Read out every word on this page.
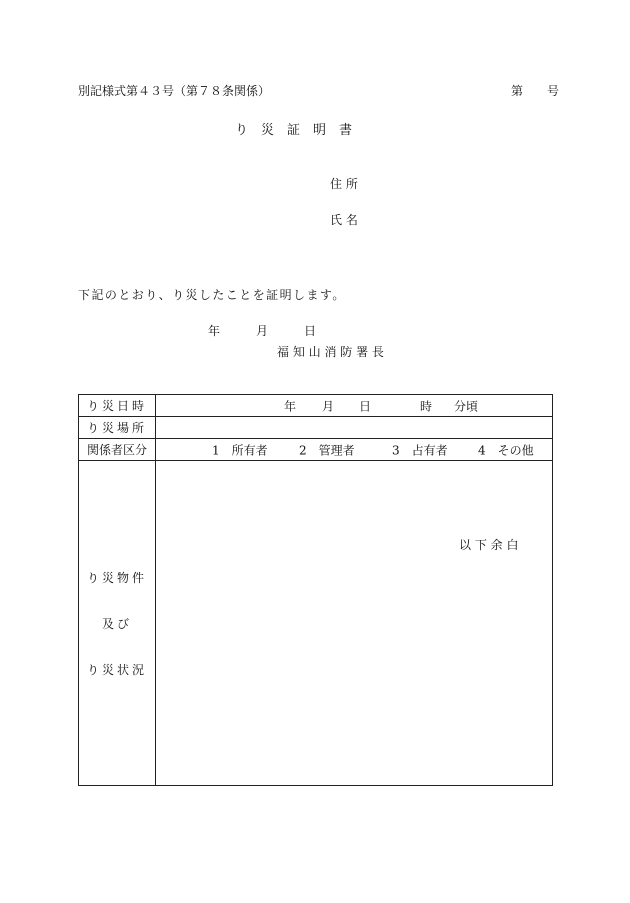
別記様式第４３号（第７８条関係）	第　　号
り　災　証　明　書
住 所
氏 名
下記のとおり、り災したことを証明します。
年　　　月　　　日
福 知 山 消 防 署 長
り災日時	年 月 日 時 分頃

り災場所	
関係者区分	1　所有者 2　管理者 3　占有者 4　その他

り災物件
及び
り災状況	以 下 余 白
